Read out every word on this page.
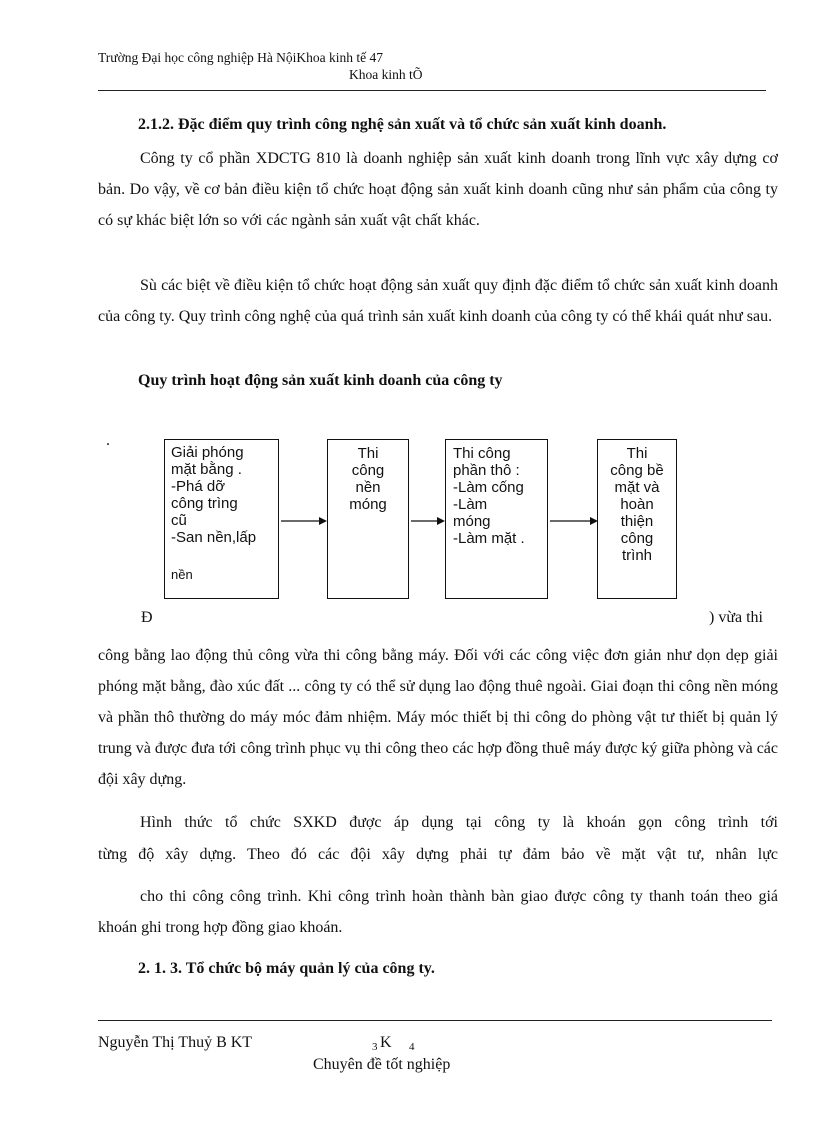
Trường Đại học công nghiệp Hà NộiKhoa kinh tế 47
Khoa kinh tÕ
2.1.2. Đặc điểm quy trình công nghệ sản xuất và tổ chức sản xuất kinh doanh.
Công ty cổ phần XDCTG 810 là doanh nghiệp sản xuất kinh doanh trong lĩnh vực xây dựng cơ bản. Do vậy, về cơ bản điều kiện tổ chức hoạt động sản xuất kinh doanh cũng như sản phẩm của công ty có sự khác biệt lớn so với các ngành sản xuất vật chất khác.
Sù các biệt về điều kiện tổ chức hoạt động sản xuất quy định đặc điểm tổ chức sản xuất kinh doanh của công ty. Quy trình công nghệ của quá trình sản xuất kinh doanh của công ty có thể khái quát như sau.
Quy trình hoạt động sản xuất kinh doanh của công ty
.
Giải phóng
mặt bằng .
-Phá dỡ
công trìng
cũ
-San nền,lấp
nền
Thi
công
nền
móng
Thi công
phần thô :
-Làm cống
-Làm
móng
-Làm mặt .
Thi
công bề
mặt và
hoàn
thiện
công
trình
Đ	) vừa thi
công bằng lao động thủ công vừa thi công bằng máy. Đối với các công việc đơn giản như dọn dẹp giải phóng mặt bằng, đào xúc đất ... công ty có thể sử dụng lao động thuê ngoài. Giai đoạn thi công nền móng và phần thô thường do máy móc đảm nhiệm. Máy móc thiết bị thi công do phòng vật tư thiết bị quản lý trung và được đưa tới công trình phục vụ thi công theo các hợp đồng thuê máy được ký giữa phòng và các đội xây dựng.
Hình thức tổ chức SXKD được áp dụng tại công ty là khoán gọn công trình tới
từng độ xây dựng. Theo đó các đội xây dựng phải tự đảm bảo về mặt vật tư, nhân lực
cho thi công công trình. Khi công trình hoàn thành bàn giao được công ty thanh toán theo giá khoán ghi trong hợp đồng giao khoán.
2. 1. 3. Tổ chức bộ máy quản lý của công ty.
Nguyễn Thị Thuỷ B KT	3 K 4
Chuyên đề tốt nghiệp
